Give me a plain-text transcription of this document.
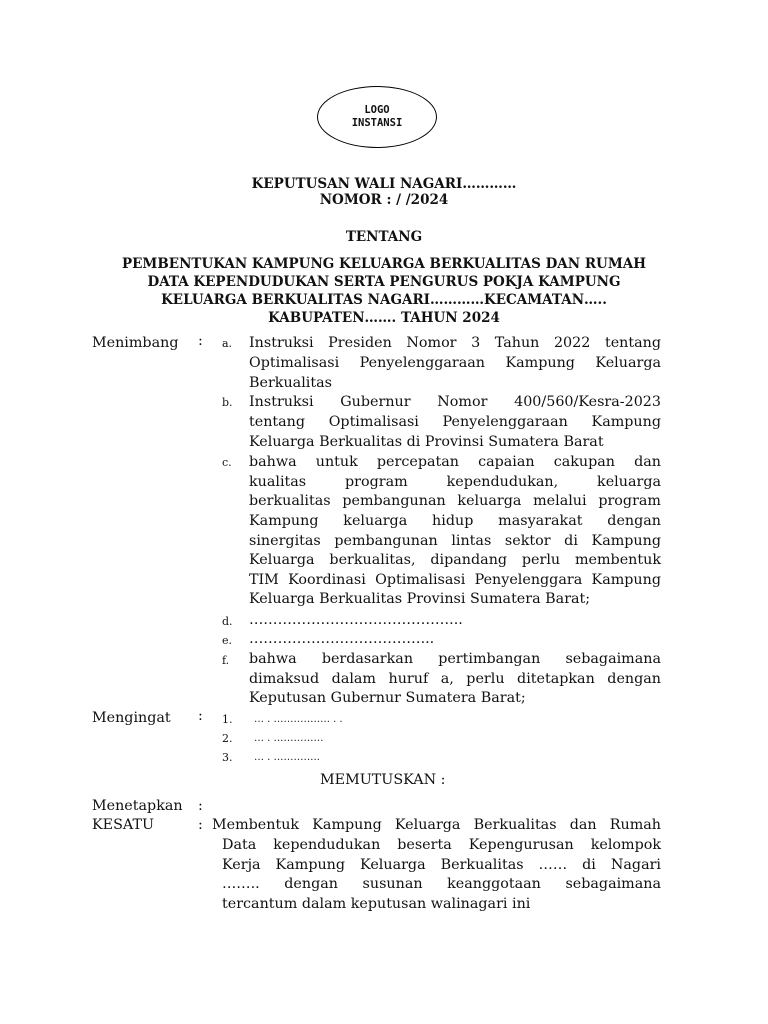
LOGO
INSTANSI
KEPUTUSAN WALI NAGARI…………
NOMOR : / /2024
TENTANG
PEMBENTUKAN KAMPUNG KELUARGA BERKUALITAS DAN RUMAH
DATA KEPENDUDUKAN SERTA PENGURUS POKJA KAMPUNG
KELUARGA BERKUALITAS NAGARI…………KECAMATAN…..
KABUPATEN……. TAHUN 2024
Menimbang : a. Instruksi Presiden Nomor 3 Tahun 2022 tentang
Optimalisasi Penyelenggaraan Kampung Keluarga
Berkualitas
b. Instruksi Gubernur Nomor 400/560/Kesra-2023
tentang Optimalisasi Penyelenggaraan Kampung
Keluarga Berkualitas di Provinsi Sumatera Barat
c. bahwa untuk percepatan capaian cakupan dan
kualitas program kependudukan, keluarga
berkualitas pembangunan keluarga melalui program
Kampung keluarga hidup masyarakat dengan
sinergitas pembangunan lintas sektor di Kampung
Keluarga berkualitas, dipandang perlu membentuk
TIM Koordinasi Optimalisasi Penyelenggara Kampung
Keluarga Berkualitas Provinsi Sumatera Barat;
d. ……………………………………...
e. ………………………………...
f. bahwa berdasarkan pertimbangan sebagaimana
dimaksud dalam huruf a, perlu ditetapkan dengan
Keputusan Gubernur Sumatera Barat;
Mengingat : 1. … . …………….. . .
2. … . ……………
3. … . …………..
MEMUTUSKAN :
Menetapkan :
KESATU	: Membentuk Kampung Keluarga Berkualitas dan Rumah
Data kependudukan beserta Kepengurusan kelompok
Kerja Kampung Keluarga Berkualitas …… di Nagari
…….. dengan susunan keanggotaan sebagaimana
tercantum dalam keputusan walinagari ini
